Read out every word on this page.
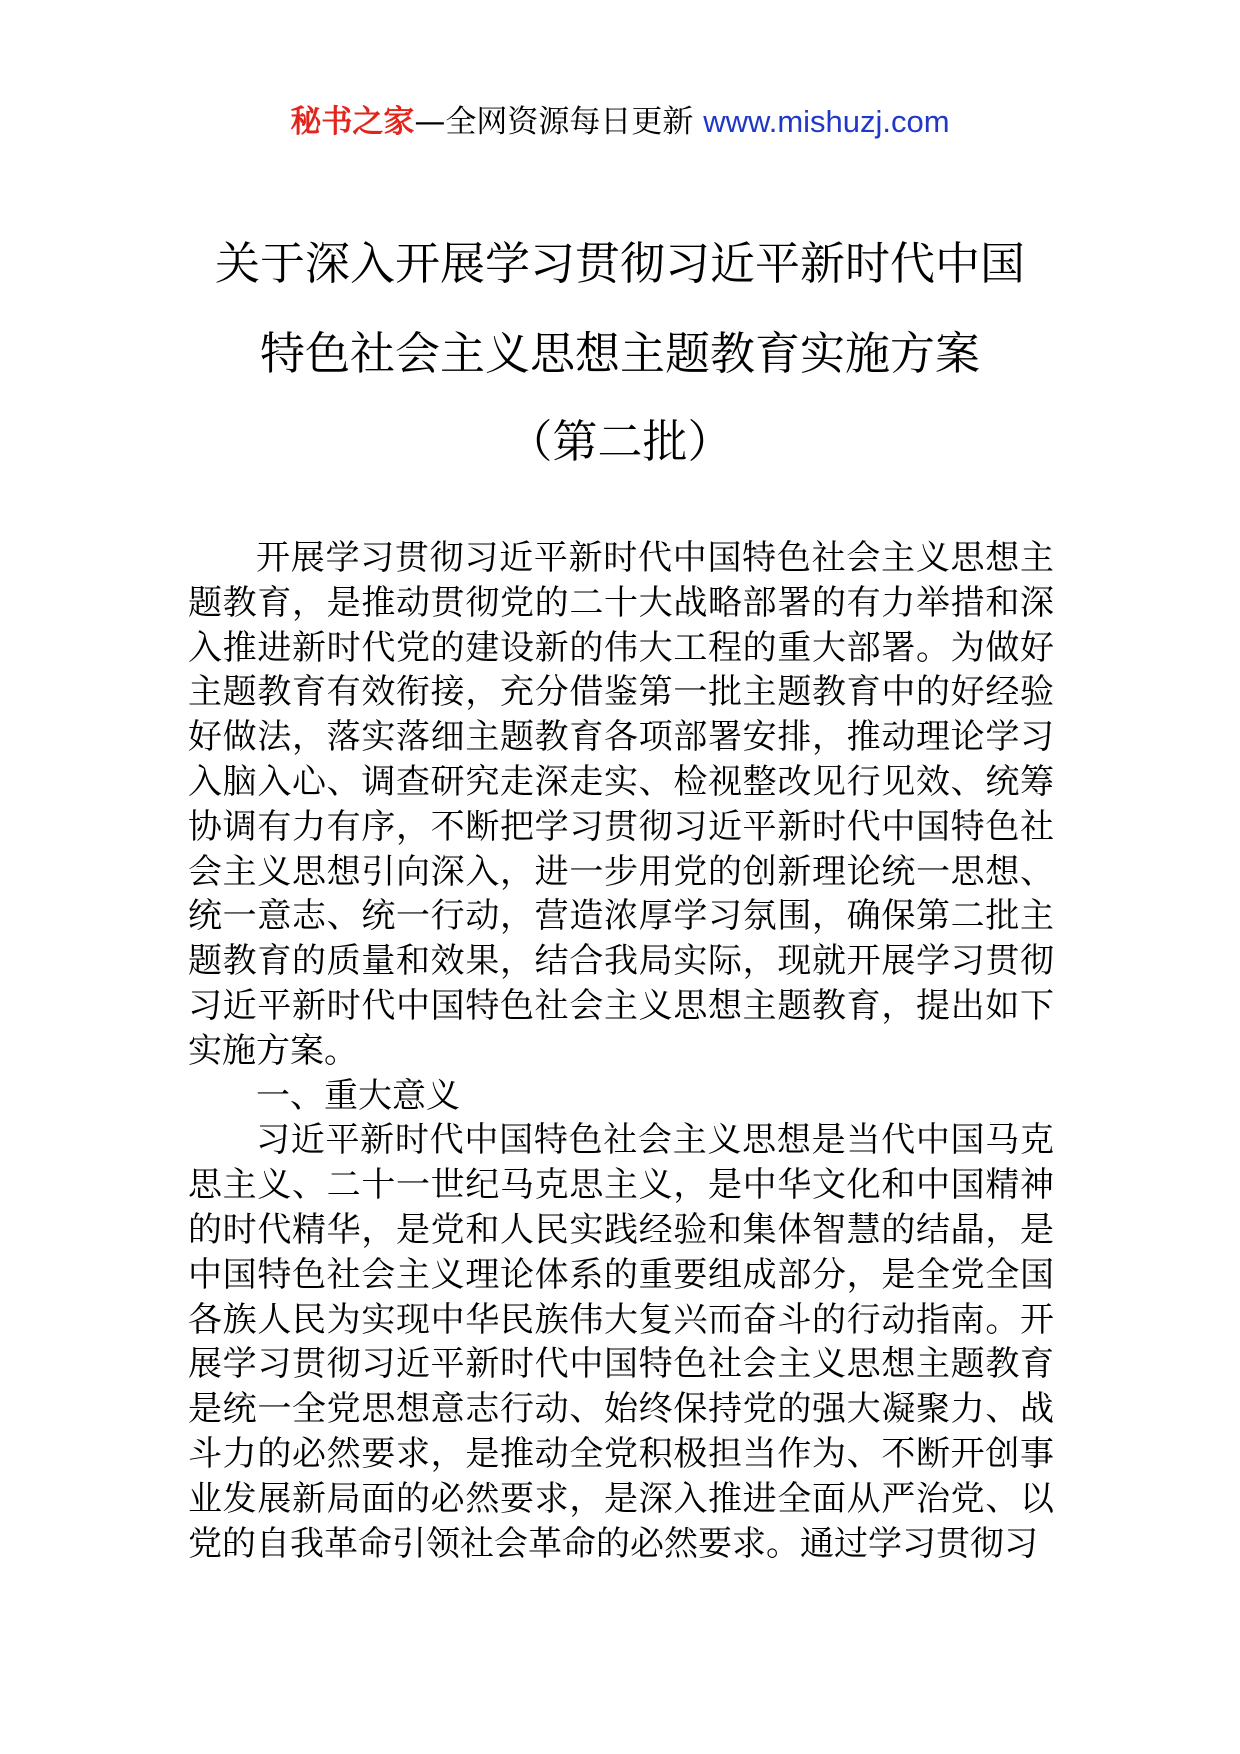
秘书之家—全网资源每日更新 www.mishuzj.com
关于深入开展学习贯彻习近平新时代中国
特色社会主义思想主题教育实施方案
（第二批）

开展学习贯彻习近平新时代中国特色社会主义思想主题教育，是推动贯彻党的二十大战略部署的有力举措和深入推进新时代党的建设新的伟大工程的重大部署。为做好主题教育有效衔接，充分借鉴第一批主题教育中的好经验好做法，落实落细主题教育各项部署安排，推动理论学习入脑入心、调查研究走深走实、检视整改见行见效、统筹协调有力有序，不断把学习贯彻习近平新时代中国特色社会主义思想引向深入，进一步用党的创新理论统一思想、统一意志、统一行动，营造浓厚学习氛围，确保第二批主题教育的质量和效果，结合我局实际，现就开展学习贯彻习近平新时代中国特色社会主义思想主题教育，提出如下实施方案。

一、重大意义

习近平新时代中国特色社会主义思想是当代中国马克思主义、二十一世纪马克思主义，是中华文化和中国精神的时代精华，是党和人民实践经验和集体智慧的结晶，是中国特色社会主义理论体系的重要组成部分，是全党全国各族人民为实现中华民族伟大复兴而奋斗的行动指南。开展学习贯彻习近平新时代中国特色社会主义思想主题教育是统一全党思想意志行动、始终保持党的强大凝聚力、战斗力的必然要求，是推动全党积极担当作为、不断开创事业发展新局面的必然要求，是深入推进全面从严治党、以党的自我革命引领社会革命的必然要求。通过学习贯彻习
